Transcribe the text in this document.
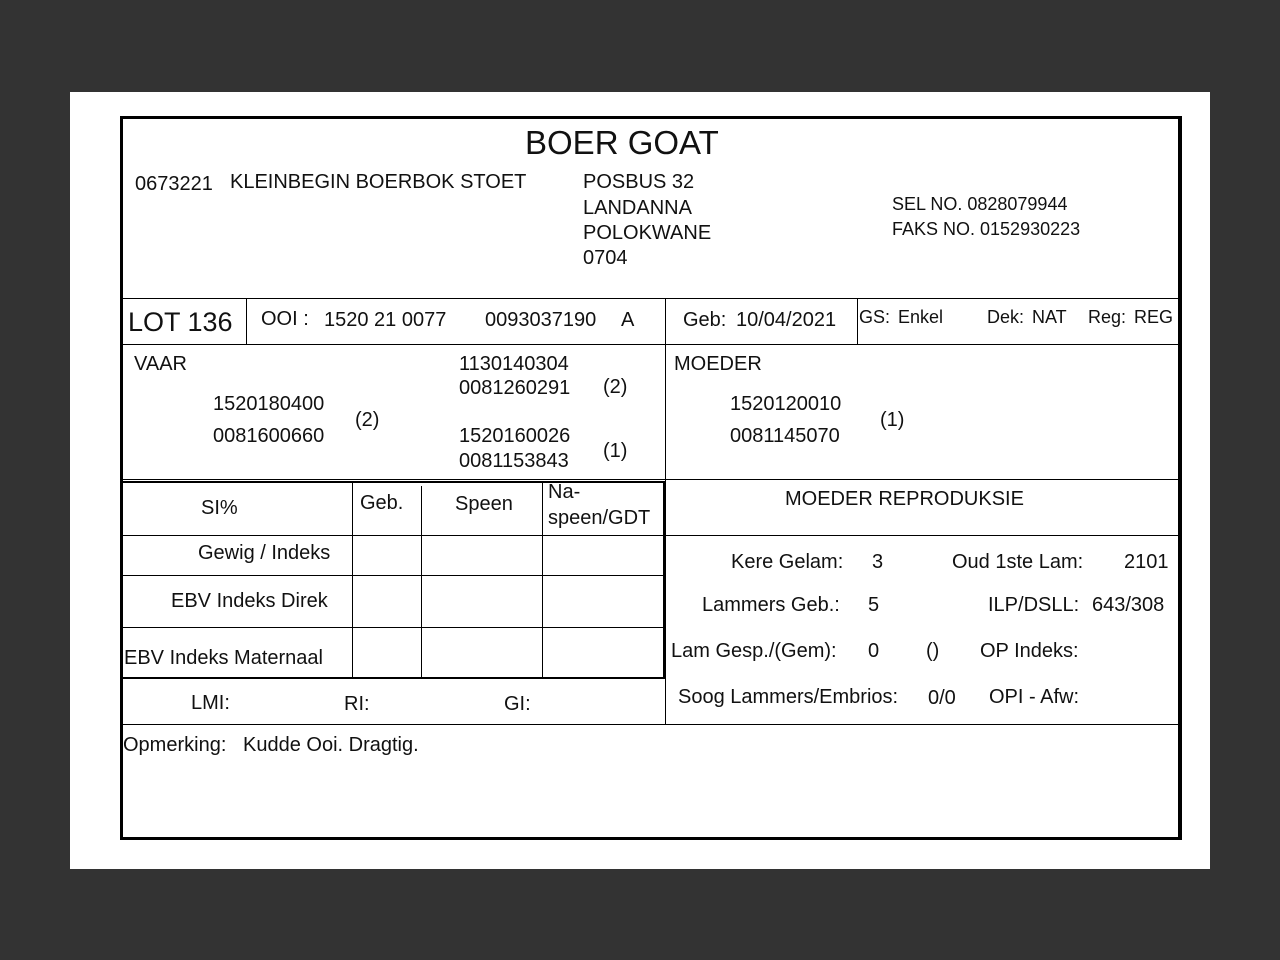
BOER GOAT
0673221 KLEINBEGIN BOERBOK STOET	POSBUS 32
LANDANNA
POLOKWANE
0704
SEL NO. 0828079944
FAKS NO. 0152930223
LOT 136 OOI : 1520 21 0077 0093037190 A Geb: 10/04/2021 GS: Enkel Dek: NAT Reg: REG
VAAR
1520180400
0081600660
(2)
1130140304
0081260291 (2)
1520160026
0081153843 (1)
MOEDER
1520120010
0081145070
(1)
SI%	Geb.	Speen
Na-
speen/GDT
Gewig / Indeks
EBV Indeks Direk
EBV Indeks Maternaal
LMI:	RI:	GI:
MOEDER REPRODUKSIE
Kere Gelam: 3	Oud 1ste Lam: 2101
Lammers Geb.: 5	ILP/DSLL: 643/308
Lam Gesp./(Gem): 0 () OP Indeks:
Soog Lammers/Embrios: 0/0 OPI - Afw:
Opmerking: Kudde Ooi. Dragtig.
